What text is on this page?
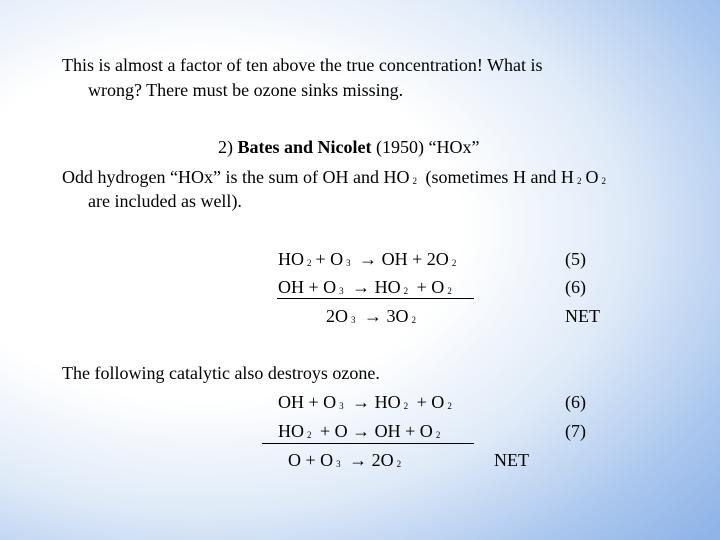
This is almost a factor of ten above the true concentration! What is

wrong? There must be ozone sinks missing.

2) Bates and Nicolet (1950) “HOx”

Odd hydrogen “HOx” is the sum of OH and HO $_2$ (sometimes H and H $_2$ O $_2$

are included as well).

HO $_2$ + O $_3$ → OH + 2O $_2$	(5)

OH + O $_3$ → HO $_2$ + O $_2$	(6)

2O $_3$ → 3O $_2$	NET

The following catalytic also destroys ozone.

OH + O $_3$ → HO $_2$ + O $_2$	(6)

HO $_2$ + O → OH + O $_2$	(7)

O + O $_3$ → 2O $_2$	NET
